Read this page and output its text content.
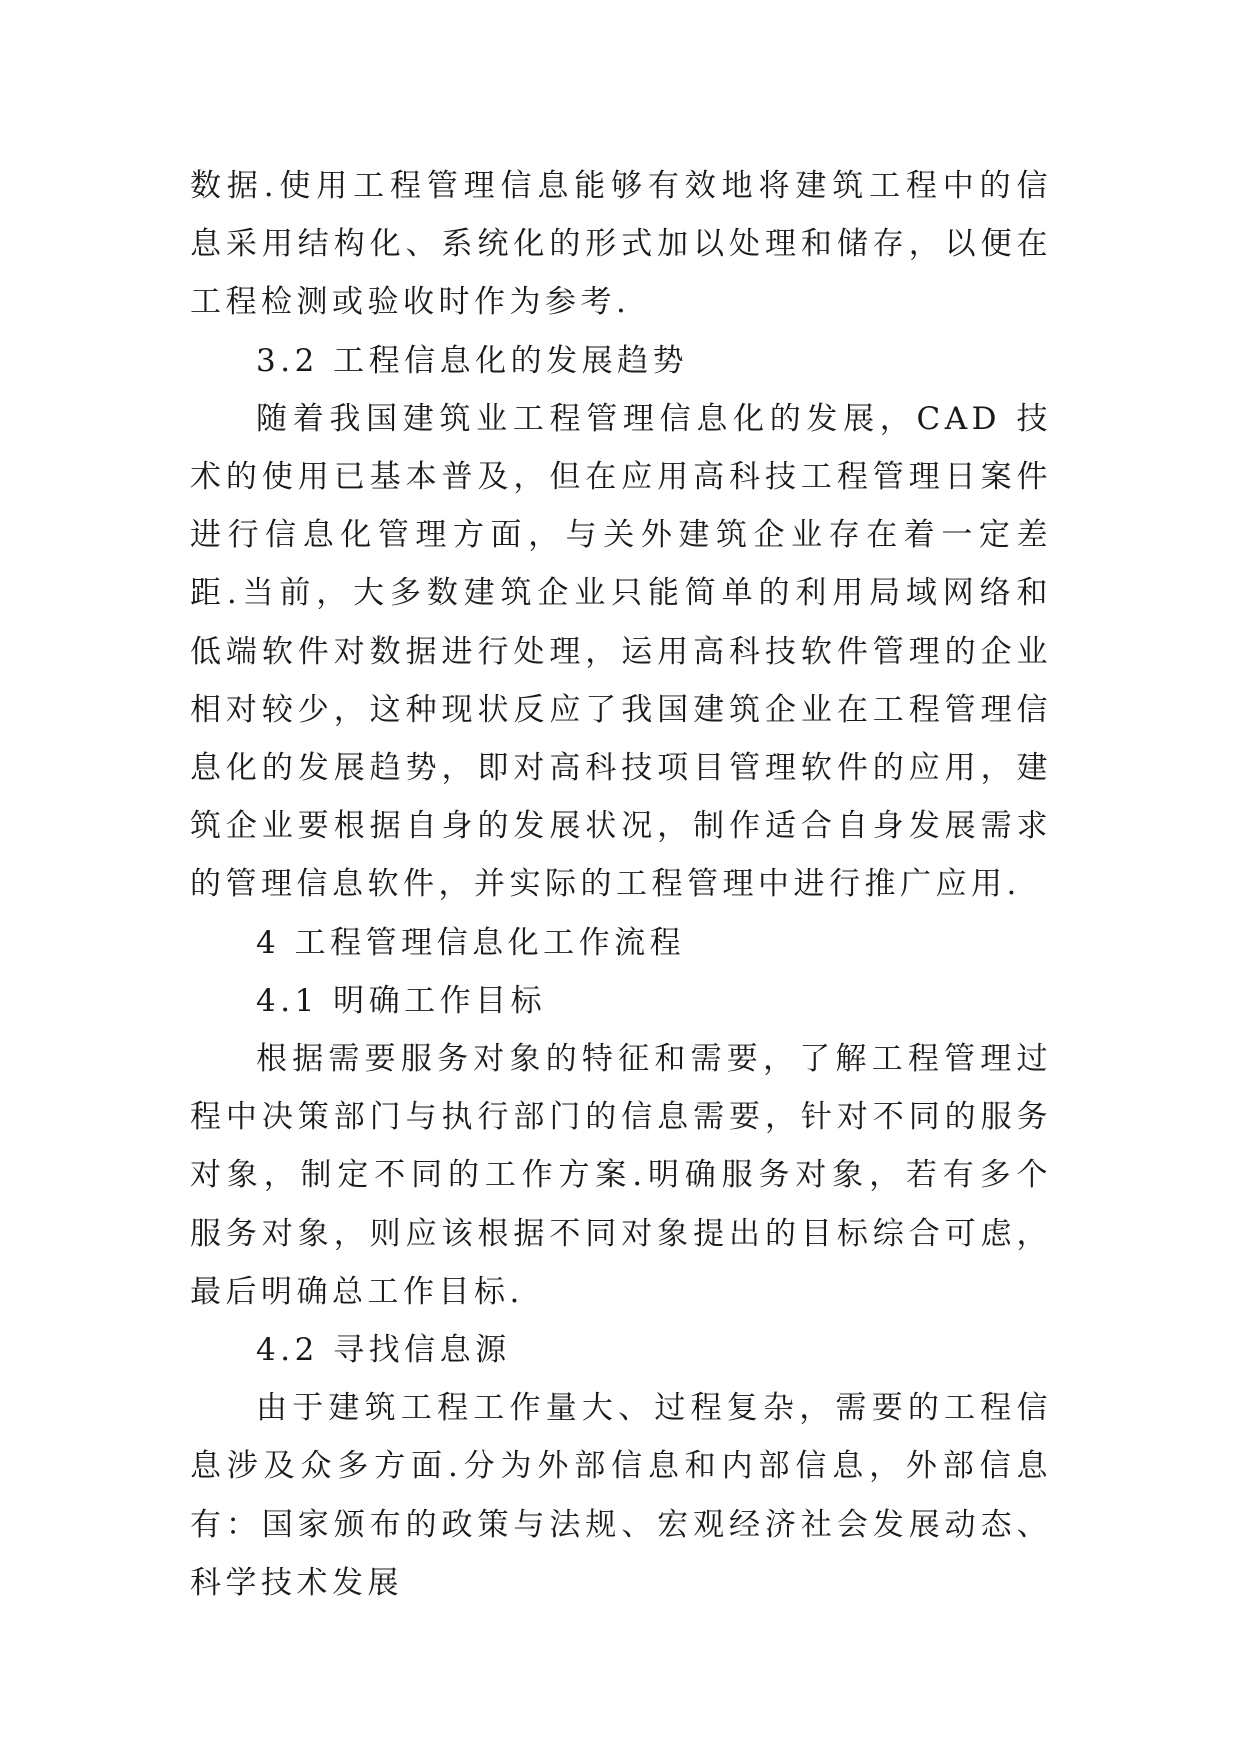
数据.使用工程管理信息能够有效地将建筑工程中的信息采用结构化、系统化的形式加以处理和储存，以便在工程检测或验收时作为参考.

3.2 工程信息化的发展趋势

随着我国建筑业工程管理信息化的发展，CAD 技术的使用已基本普及，但在应用高科技工程管理日案件进行信息化管理方面，与关外建筑企业存在着一定差距.当前，大多数建筑企业只能简单的利用局域网络和低端软件对数据进行处理，运用高科技软件管理的企业相对较少，这种现状反应了我国建筑企业在工程管理信息化的发展趋势，即对高科技项目管理软件的应用，建筑企业要根据自身的发展状况，制作适合自身发展需求的管理信息软件，并实际的工程管理中进行推广应用.

4 工程管理信息化工作流程

4.1 明确工作目标

根据需要服务对象的特征和需要，了解工程管理过程中决策部门与执行部门的信息需要，针对不同的服务对象，制定不同的工作方案.明确服务对象，若有多个服务对象，则应该根据不同对象提出的目标综合可虑，最后明确总工作目标.

4.2 寻找信息源

由于建筑工程工作量大、过程复杂，需要的工程信息涉及众多方面.分为外部信息和内部信息，外部信息有：国家颁布的政策与法规、宏观经济社会发展动态、科学技术发展
